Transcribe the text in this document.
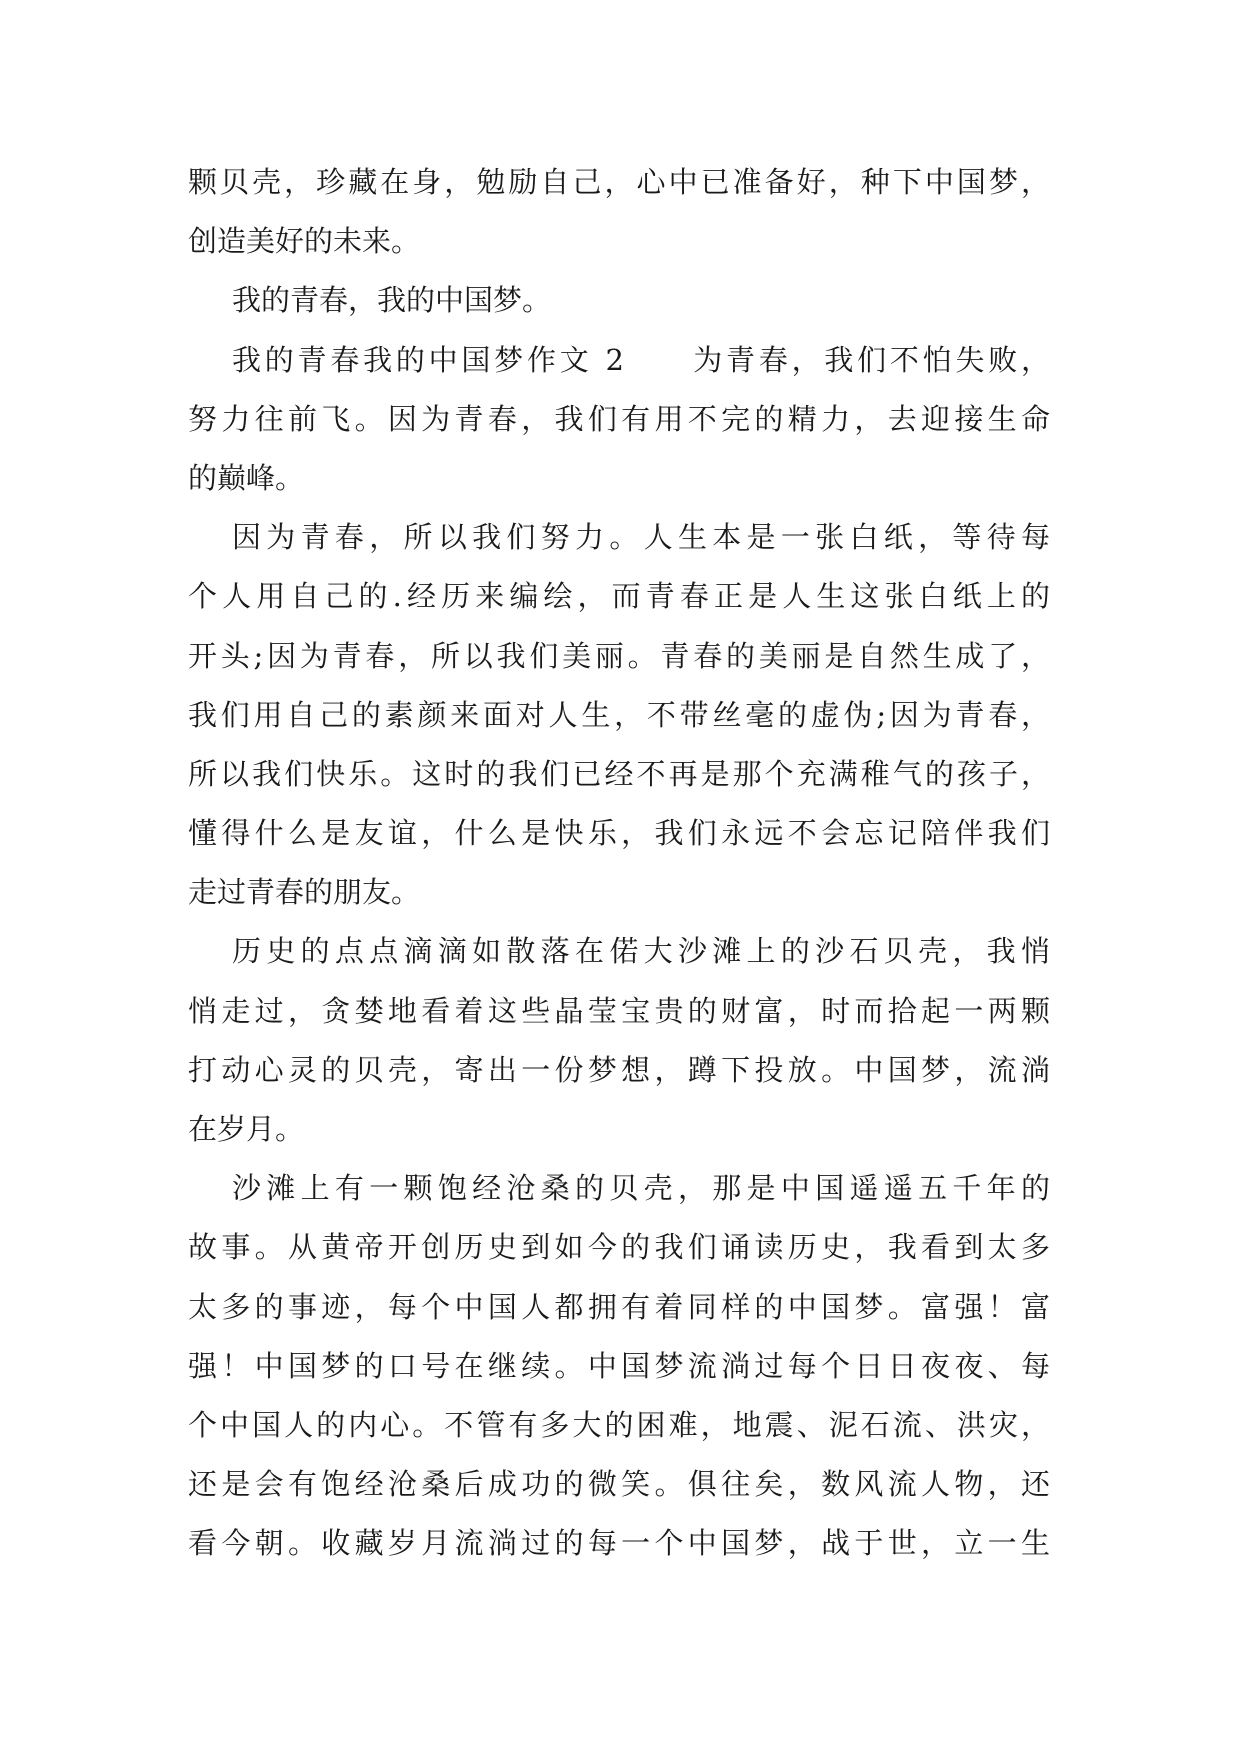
颗贝壳，珍藏在身，勉励自己，心中已准备好，种下中国梦，
创造美好的未来。
我的青春，我的中国梦。
我的青春我的中国梦作文 2　　为青春，我们不怕失败，
努力往前飞。因为青春，我们有用不完的精力，去迎接生命
的巅峰。
因为青春，所以我们努力。人生本是一张白纸，等待每
个人用自己的.经历来编绘，而青春正是人生这张白纸上的
开头;因为青春，所以我们美丽。青春的美丽是自然生成了，
我们用自己的素颜来面对人生，不带丝毫的虚伪;因为青春，
所以我们快乐。这时的我们已经不再是那个充满稚气的孩子，
懂得什么是友谊，什么是快乐，我们永远不会忘记陪伴我们
走过青春的朋友。
历史的点点滴滴如散落在偌大沙滩上的沙石贝壳，我悄
悄走过，贪婪地看着这些晶莹宝贵的财富，时而拾起一两颗
打动心灵的贝壳，寄出一份梦想，蹲下投放。中国梦，流淌
在岁月。
沙滩上有一颗饱经沧桑的贝壳，那是中国遥遥五千年的
故事。从黄帝开创历史到如今的我们诵读历史，我看到太多
太多的事迹，每个中国人都拥有着同样的中国梦。富强！富
强！中国梦的口号在继续。中国梦流淌过每个日日夜夜、每
个中国人的内心。不管有多大的困难，地震、泥石流、洪灾，
还是会有饱经沧桑后成功的微笑。俱往矣，数风流人物，还
看今朝。收藏岁月流淌过的每一个中国梦，战于世，立一生
